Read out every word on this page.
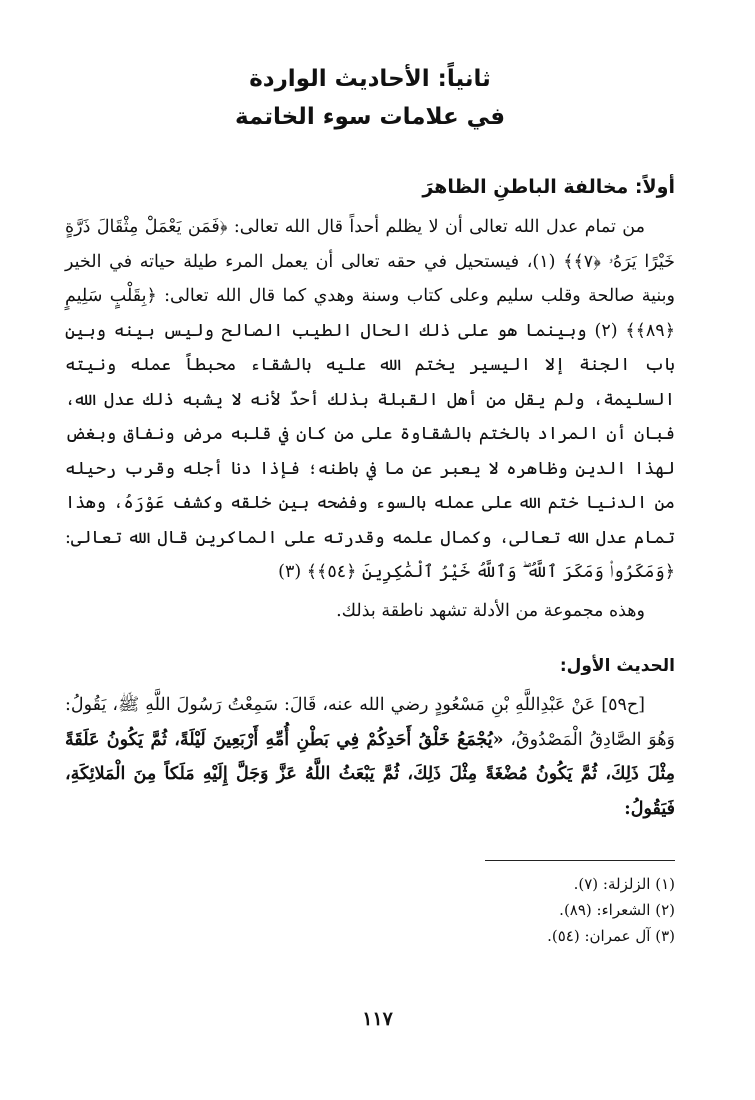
ثانياً: الأحاديث الواردة
في علامات سوء الخاتمة
أولاً: مخالفة الباطنِ الظاهرَ

من تمام عدل الله تعالى أن لا يظلم أحداً قال الله تعالى: ﴿فَمَن يَعْمَلْ مِثْقَالَ ذَرَّةٍ خَيْرًا يَرَهُۥ ﴿٧﴾﴾ (١)، فيستحيل في حقه تعالى أن يعمل المرء طيلة حياته في الخير وبنية صالحة وقلب سليم وعلى كتاب وسنة وهدي كما قال الله تعالى: ﴿بِقَلْبٍ سَلِيمٍ ﴿٨٩﴾﴾ (٢) وبينما هو على ذلك الحال الطيب الصالح وليس بينه وبين باب الجنة إلا اليسير يختم الله عليه بالشقاء محبطاً عمله ونيته السليمة، ولم يقل من أهل القبلة بذلك أحدٌ لأنه لا يشبه ذلك عدل الله، فبان أن المراد بالختم بالشقاوة على من كان في قلبه مرض ونفاق وبغض لهذا الدين وظاهره لا يعبر عن ما في باطنه؛ فإذا دنا أجله وقرب رحيله من الدنيا ختم الله على عمله بالسوء وفضحه بين خلقه وكشف عَوْرَهُ، وهذا تمام عدل الله تعالى، وكمال علمه وقدرته على الماكرين قال الله تعالى: ﴿وَمَكَرُوا۟ وَمَكَرَ ٱللَّهُ ۖ وَٱللَّهُ خَيْرُ ٱلْمَٰكِرِينَ ﴿٥٤﴾﴾ (٣)

وهذه مجموعة من الأدلة تشهد ناطقة بذلك.

الحديث الأول:

[ح٥٩] عَنْ عَبْدِاللَّهِ بْنِ مَسْعُودٍ رضي الله عنه، قَالَ: سَمِعْتُ رَسُولَ اللَّهِ ﷺ، يَقُولُ: وَهُوَ الصَّادِقُ الْمَصْدُوقُ، «يُجْمَعُ خَلْقُ أَحَدِكُمْ فِي بَطْنِ أُمِّهِ أَرْبَعِينَ لَيْلَةً، ثُمَّ يَكُونُ عَلَقَةً مِثْلَ ذَلِكَ، ثُمَّ يَكُونُ مُضْغَةً مِثْلَ ذَلِكَ، ثُمَّ يَبْعَثُ اللَّهُ عَزَّ وَجَلَّ إِلَيْهِ مَلَكاً مِنَ الْمَلائِكَةِ، فَيَقُولُ:

(١) الزلزلة: (٧).
(٢) الشعراء: (٨٩).
(٣) آل عمران: (٥٤).
١١٧
